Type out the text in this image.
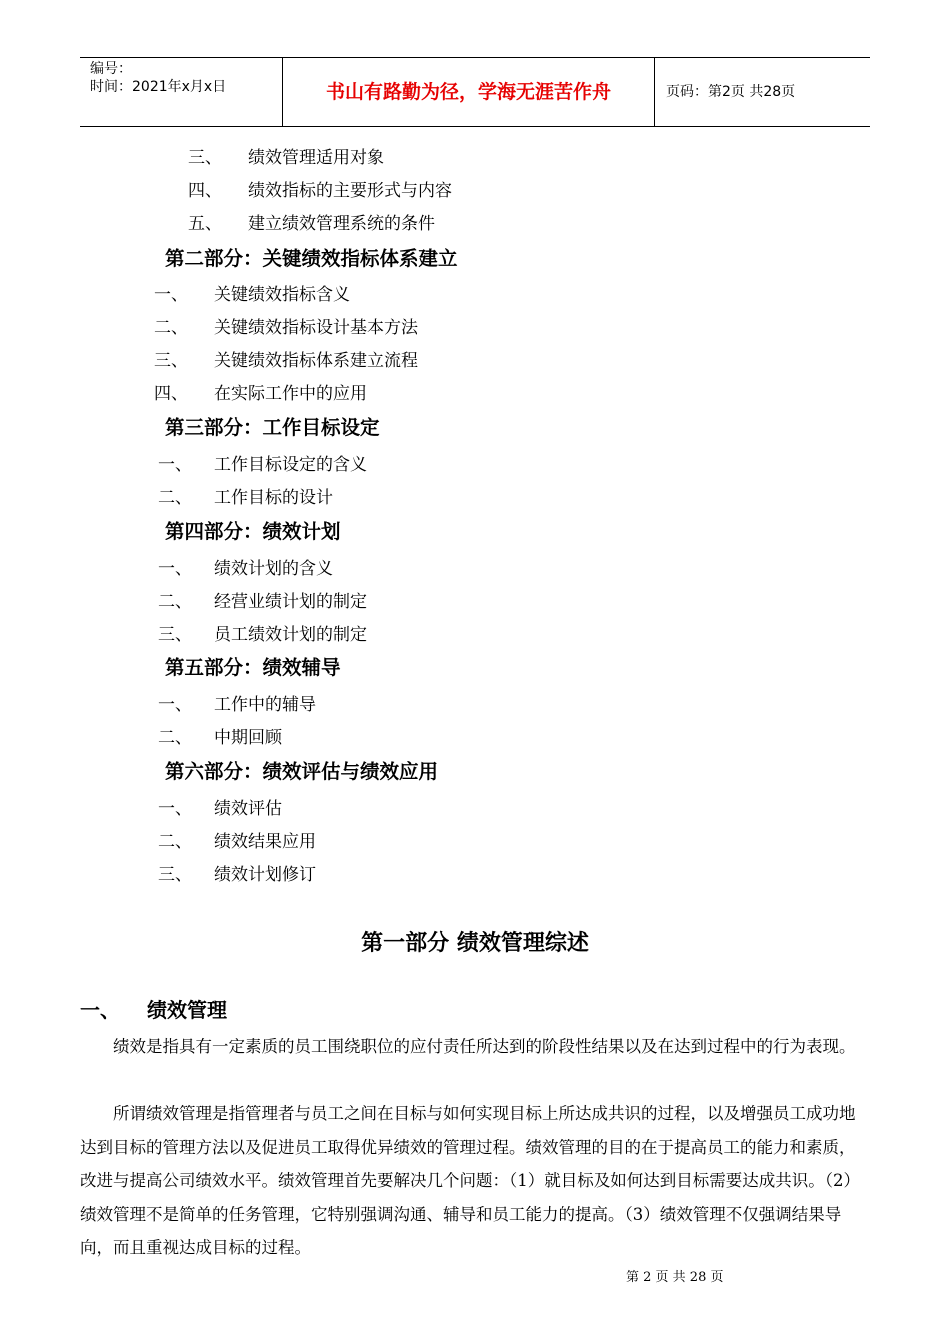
编号：
时间：2021年x月x日	书山有路勤为径，学海无涯苦作舟	页码：第2页 共28页
三、 绩效管理适用对象
四、 绩效指标的主要形式与内容
五、 建立绩效管理系统的条件
第二部分：关键绩效指标体系建立
一、 关键绩效指标含义
二、 关键绩效指标设计基本方法
三、 关键绩效指标体系建立流程
四、 在实际工作中的应用
第三部分：工作目标设定
一、 工作目标设定的含义
二、 工作目标的设计
第四部分：绩效计划
一、 绩效计划的含义
二、 经营业绩计划的制定
三、 员工绩效计划的制定
第五部分：绩效辅导
一、 工作中的辅导
二、 中期回顾
第六部分：绩效评估与绩效应用
一、 绩效评估
二、 绩效结果应用
三、 绩效计划修订
第一部分 绩效管理综述
一、 绩效管理

绩效是指具有一定素质的员工围绕职位的应付责任所达到的阶段性结果以及在达到过程中的行为表现。

所谓绩效管理是指管理者与员工之间在目标与如何实现目标上所达成共识的过程，以及增强员工成功地达到目标的管理方法以及促进员工取得优异绩效的管理过程。绩效管理的目的在于提高员工的能力和素质，改进与提高公司绩效水平。绩效管理首先要解决几个问题：（1）就目标及如何达到目标需要达成共识。（2）绩效管理不是简单的任务管理，它特别强调沟通、辅导和员工能力的提高。（3）绩效管理不仅强调结果导向，而且重视达成目标的过程。

第 2 页 共 28 页
